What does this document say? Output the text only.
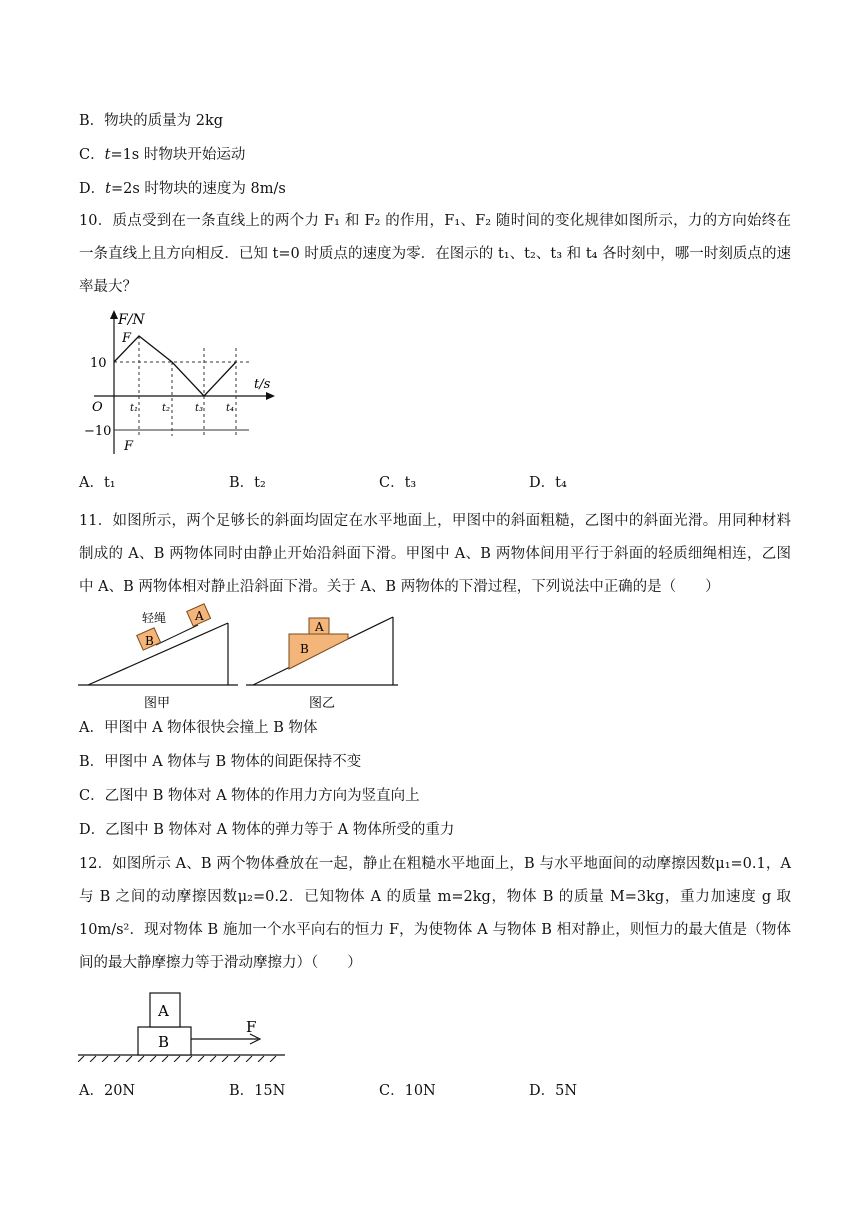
B．物块的质量为 2kg
C．t=1s 时物块开始运动
D．t=2s 时物块的速度为 8m/s
10．质点受到在一条直线上的两个力 F₁ 和 F₂ 的作用，F₁、F₂ 随时间的变化规律如图所示，力的方向始终在一条直线上且方向相反．已知 t=0 时质点的速度为零．在图示的 t₁、t₂、t₃ 和 t₄ 各时刻中，哪一时刻质点的速率最大？
F/N
t/s
O
10
−10
F
F
t₁ t₂ t₃ t₄
A．t₁	B．t₂	C．t₃	D．t₄
11．如图所示，两个足够长的斜面均固定在水平地面上，甲图中的斜面粗糙，乙图中的斜面光滑。用同种材料制成的 A、B 两物体同时由静止开始沿斜面下滑。甲图中 A、B 两物体间用平行于斜面的轻质细绳相连，乙图中 A、B 两物体相对静止沿斜面下滑。关于 A、B 两物体的下滑过程，下列说法中正确的是（　　）
B
A
轻绳
图甲
A
B
图乙
A．甲图中 A 物体很快会撞上 B 物体
B．甲图中 A 物体与 B 物体的间距保持不变
C．乙图中 B 物体对 A 物体的作用力方向为竖直向上
D．乙图中 B 物体对 A 物体的弹力等于 A 物体所受的重力
12．如图所示 A、B 两个物体叠放在一起，静止在粗糙水平地面上，B 与水平地面间的动摩擦因数μ₁=0.1，A 与 B 之间的动摩擦因数μ₂=0.2．已知物体 A 的质量 m=2kg，物体 B 的质量 M=3kg，重力加速度 g 取 10m/s²．现对物体 B 施加一个水平向右的恒力 F，为使物体 A 与物体 B 相对静止，则恒力的最大值是（物体间的最大静摩擦力等于滑动摩擦力）（　　）
A
B
F
A．20N	B．15N	C．10N	D．5N
